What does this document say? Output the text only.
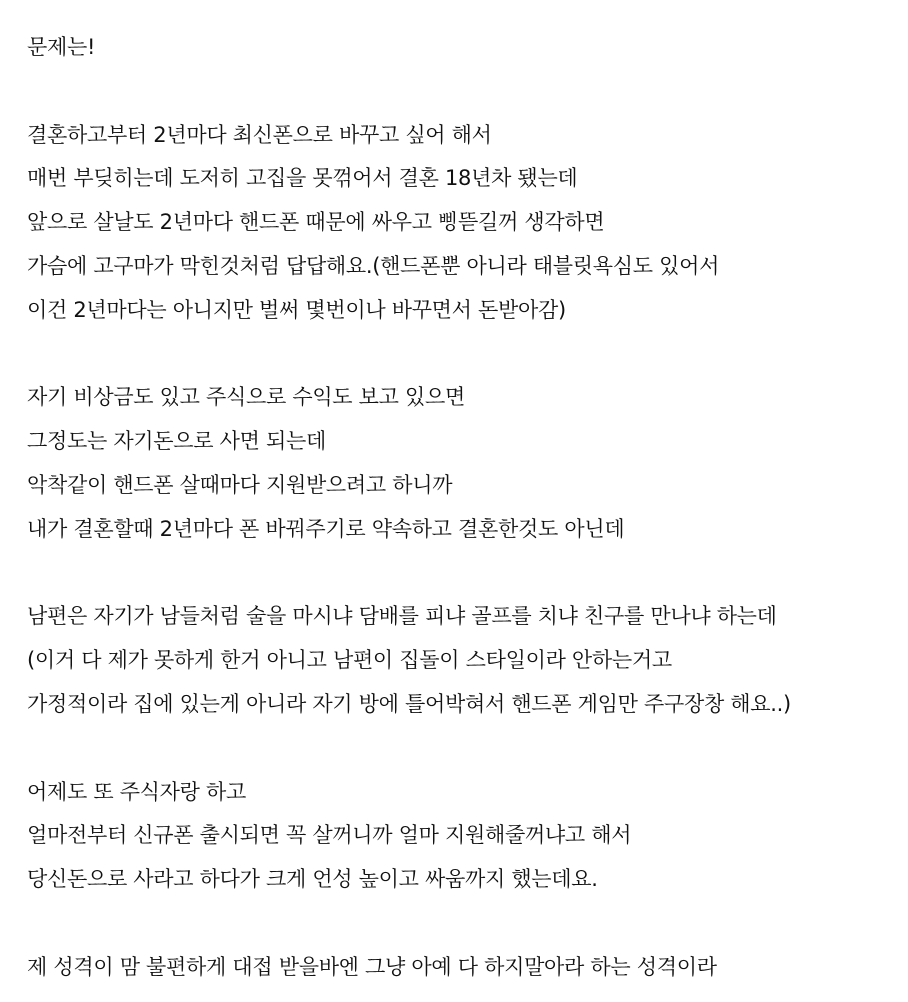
문제는!
결혼하고부터 2년마다 최신폰으로 바꾸고 싶어 해서
매번 부딪히는데 도저히 고집을 못꺾어서 결혼 18년차 됐는데
앞으로 살날도 2년마다 핸드폰 때문에 싸우고 삥뜯길꺼 생각하면
가슴에 고구마가 막힌것처럼 답답해요.(핸드폰뿐 아니라 태블릿욕심도 있어서
이건 2년마다는 아니지만 벌써 몇번이나 바꾸면서 돈받아감)
자기 비상금도 있고 주식으로 수익도 보고 있으면
그정도는 자기돈으로 사면 되는데
악착같이 핸드폰 살때마다 지원받으려고 하니까
내가 결혼할때 2년마다 폰 바꿔주기로 약속하고 결혼한것도 아닌데
남편은 자기가 남들처럼 술을 마시냐 담배를 피냐 골프를 치냐 친구를 만나냐 하는데
(이거 다 제가 못하게 한거 아니고 남편이 집돌이 스타일이라 안하는거고
가정적이라 집에 있는게 아니라 자기 방에 틀어박혀서 핸드폰 게임만 주구장창 해요..)
어제도 또 주식자랑 하고
얼마전부터 신규폰 출시되면 꼭 살꺼니까 얼마 지원해줄꺼냐고 해서
당신돈으로 사라고 하다가 크게 언성 높이고 싸움까지 했는데요.
제 성격이 맘 불편하게 대접 받을바엔 그냥 아예 다 하지말아라 하는 성격이라
